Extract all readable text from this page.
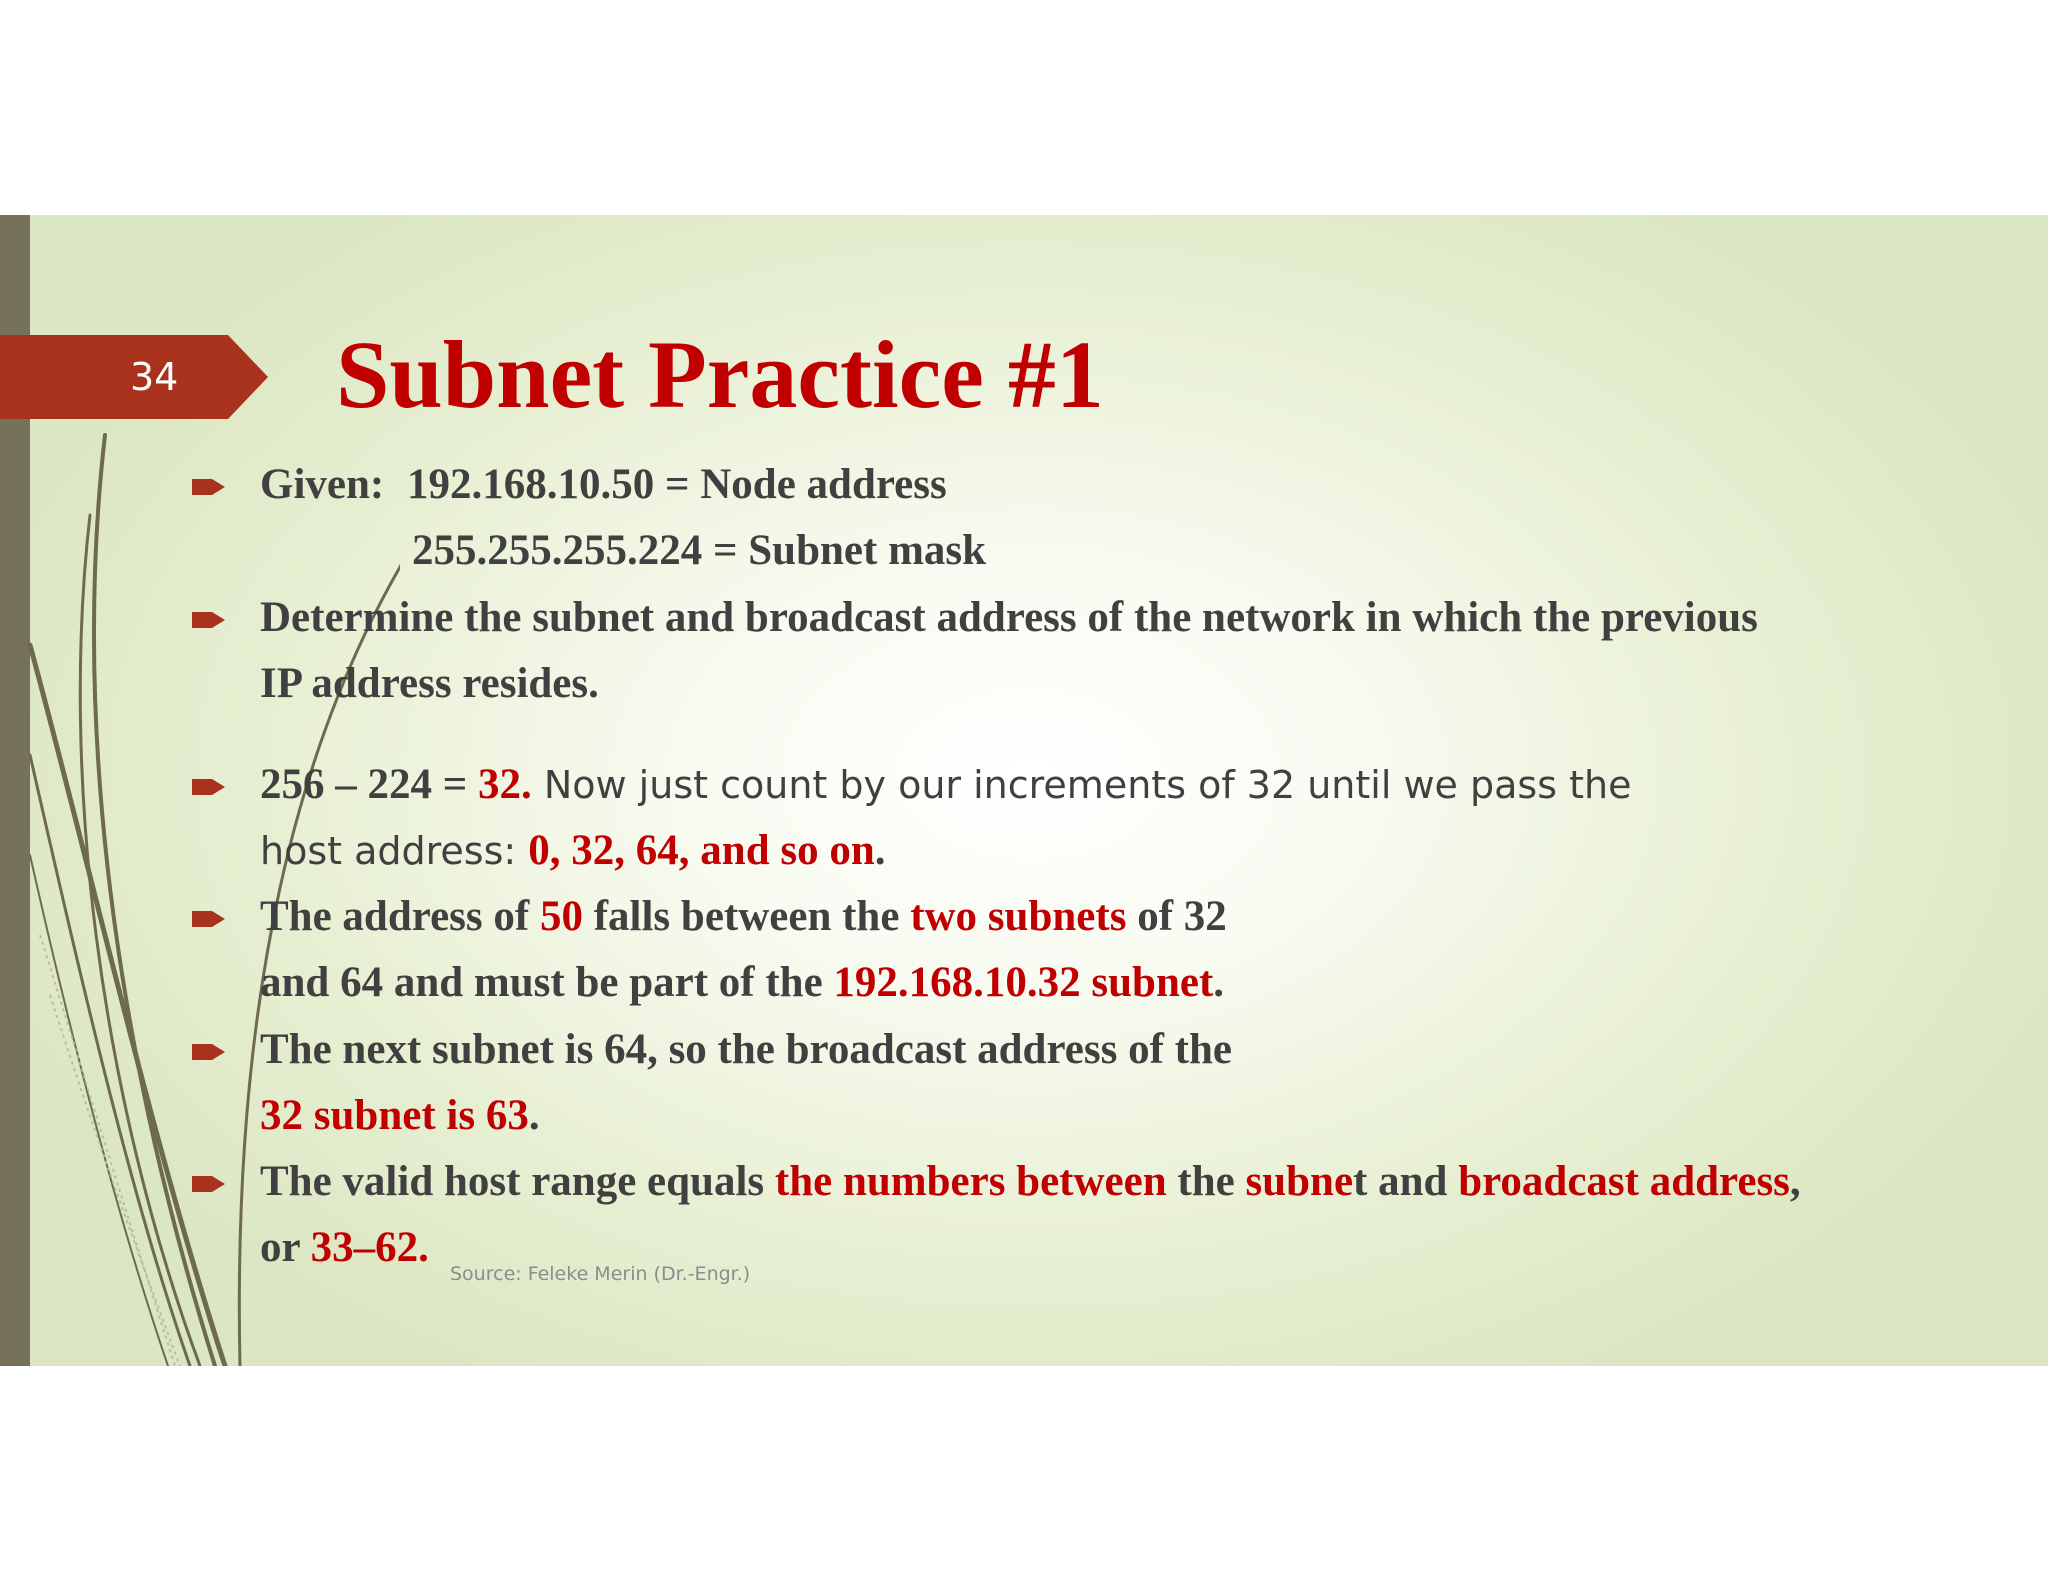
34	Subnet Practice #1
Given: 192.168.10.50 = Node address
255.255.255.224 = Subnet mask
Determine the subnet and broadcast address of the network in which the previous
IP address resides.
256 – 224 = 32. Now just count by our increments of 32 until we pass the
host address: 0, 32, 64, and so on.
The address of 50 falls between the two subnets of 32
and 64 and must be part of the 192.168.10.32 subnet.
The next subnet is 64, so the broadcast address of the
32 subnet is 63.
The valid host range equals the numbers between the subnet and broadcast address,
or 33–62.
Source: Feleke Merin (Dr.-Engr.)
